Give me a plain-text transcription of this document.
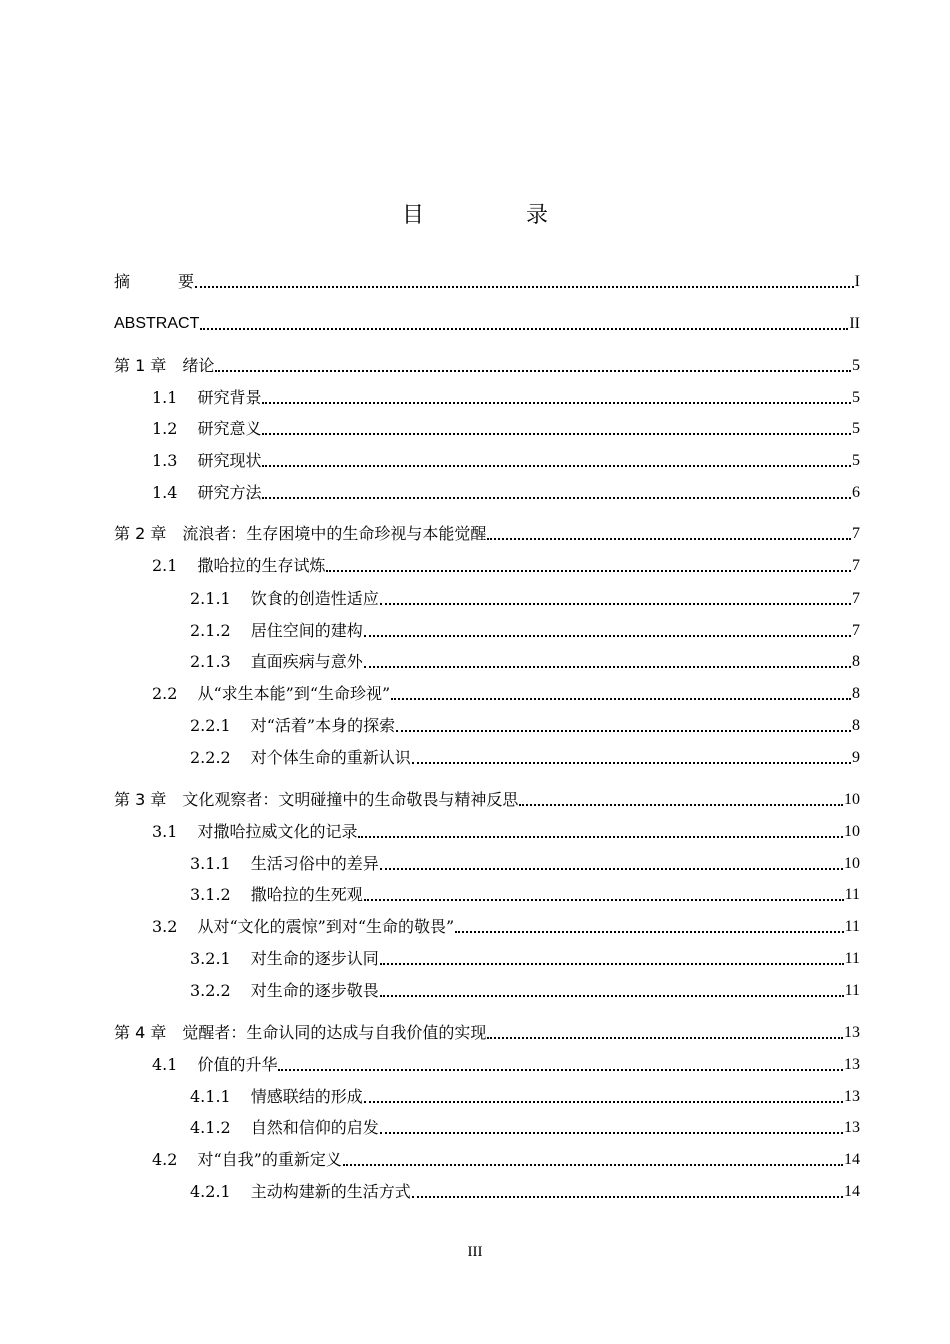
目　录
摘　　 要	I
ABSTRACT	II
第 1 章 绪论	5
1.1 研究背景	5
1.2 研究意义	5
1.3 研究现状	5
1.4 研究方法	6
第 2 章 流浪者：生存困境中的生命珍视与本能觉醒	7
2.1 撒哈拉的生存试炼	7
2.1.1 饮食的创造性适应	7
2.1.2 居住空间的建构	7
2.1.3 直面疾病与意外	8
2.2 从“求生本能”到“生命珍视”	8
2.2.1 对“活着”本身的探索	8
2.2.2 对个体生命的重新认识	9
第 3 章 文化观察者：文明碰撞中的生命敬畏与精神反思	10
3.1 对撒哈拉威文化的记录	10
3.1.1 生活习俗中的差异	10
3.1.2 撒哈拉的生死观	11
3.2 从对“文化的震惊”到对“生命的敬畏”	11
3.2.1 对生命的逐步认同	11
3.2.2 对生命的逐步敬畏	11
第 4 章 觉醒者：生命认同的达成与自我价值的实现	13
4.1 价值的升华	13
4.1.1 情感联结的形成	13
4.1.2 自然和信仰的启发	13
4.2 对“自我”的重新定义	14
4.2.1 主动构建新的生活方式	14
III
